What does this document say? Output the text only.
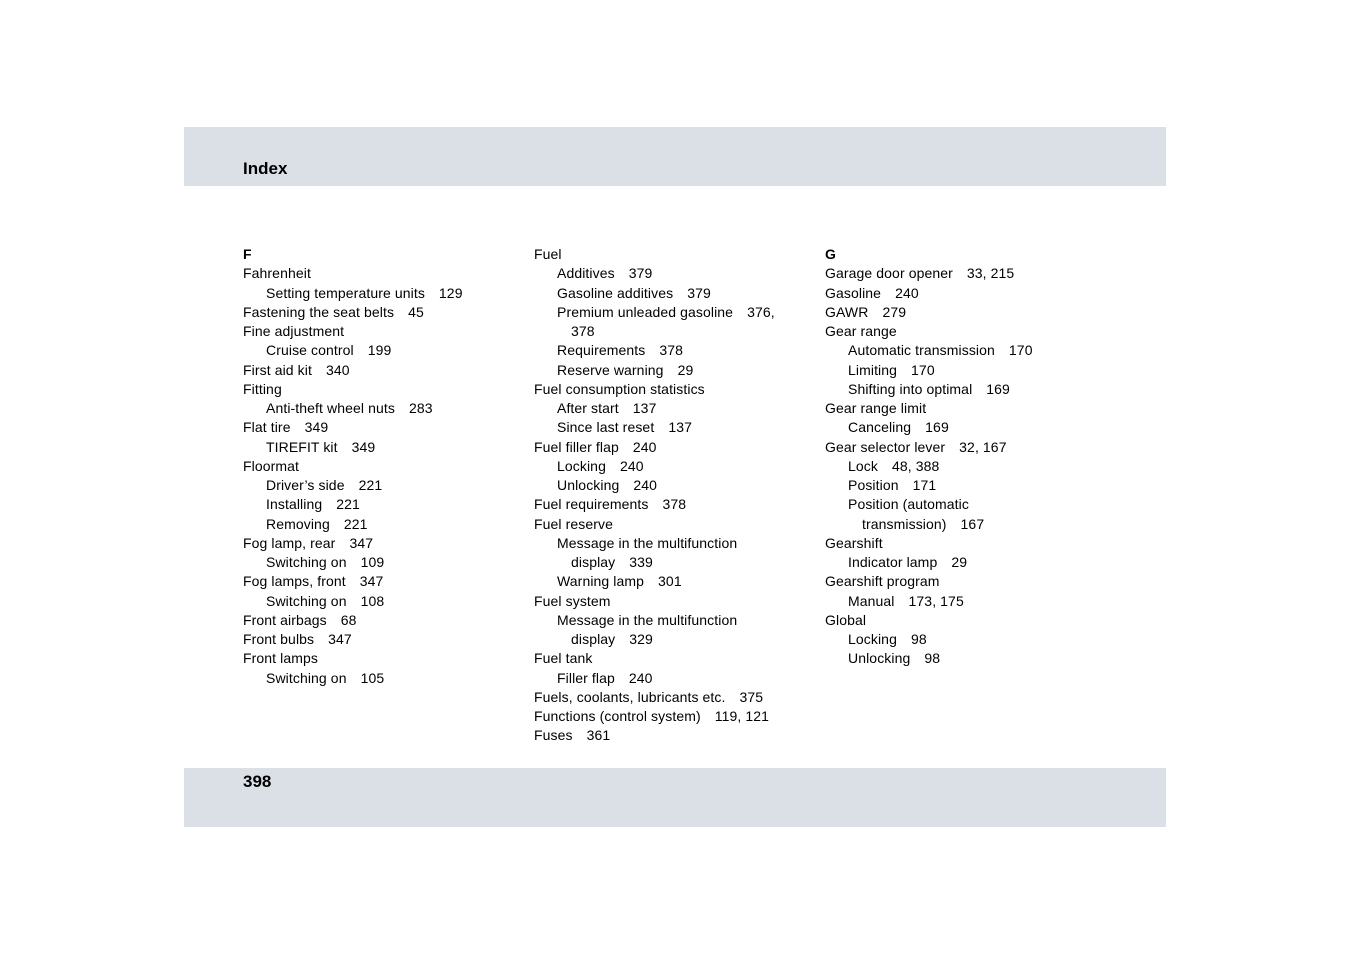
Index
F
Fahrenheit
Setting temperature units 129
Fastening the seat belts 45
Fine adjustment
Cruise control 199
First aid kit 340
Fitting
Anti-theft wheel nuts 283
Flat tire 349
TIREFIT kit 349
Floormat
Driver’s side 221
Installing 221
Removing 221
Fog lamp, rear 347
Switching on 109
Fog lamps, front 347
Switching on 108
Front airbags 68
Front bulbs 347
Front lamps
Switching on 105
Fuel
Additives 379
Gasoline additives 379
Premium unleaded gasoline 376,
378
Requirements 378
Reserve warning 29
Fuel consumption statistics
After start 137
Since last reset 137
Fuel filler flap 240
Locking 240
Unlocking 240
Fuel requirements 378
Fuel reserve
Message in the multifunction
display 339
Warning lamp 301
Fuel system
Message in the multifunction
display 329
Fuel tank
Filler flap 240
Fuels, coolants, lubricants etc. 375
Functions (control system) 119, 121
Fuses 361
G
Garage door opener 33, 215
Gasoline 240
GAWR 279
Gear range
Automatic transmission 170
Limiting 170
Shifting into optimal 169
Gear range limit
Canceling 169
Gear selector lever 32, 167
Lock 48, 388
Position 171
Position (automatic
transmission) 167
Gearshift
Indicator lamp 29
Gearshift program
Manual 173, 175
Global
Locking 98
Unlocking 98
398
